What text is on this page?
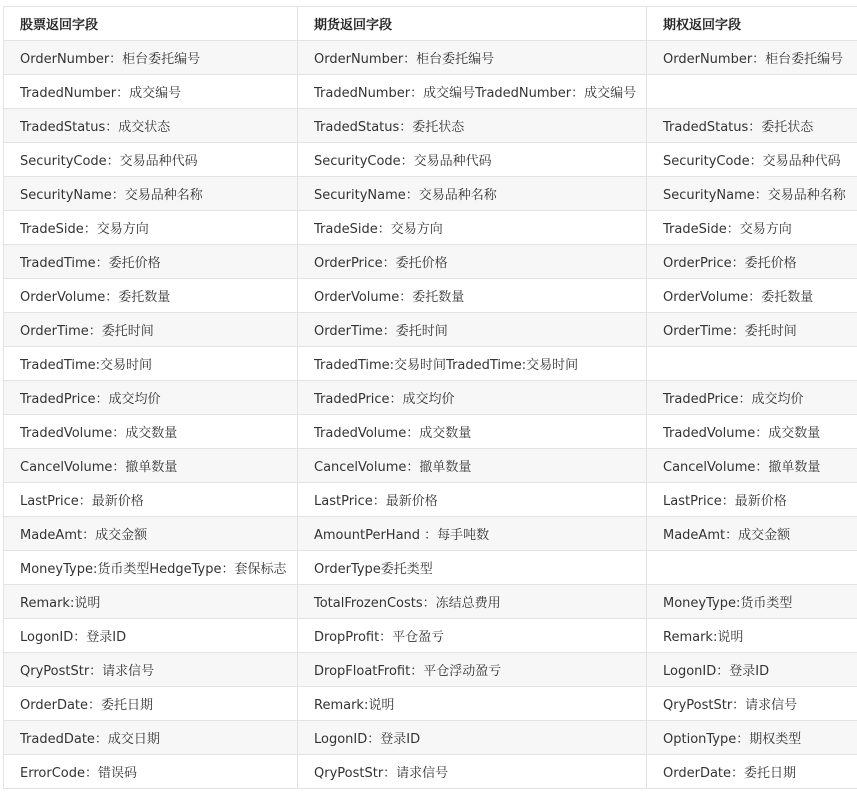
股票返回字段	期货返回字段	期权返回字段
OrderNumber：柜台委托编号	OrderNumber：柜台委托编号	OrderNumber：柜台委托编号
TradedNumber：成交编号	TradedNumber：成交编号TradedNumber：成交编号	
TradedStatus：成交状态	TradedStatus：委托状态	TradedStatus：委托状态
SecurityCode：交易品种代码	SecurityCode：交易品种代码	SecurityCode：交易品种代码
SecurityName：交易品种名称	SecurityName：交易品种名称	SecurityName：交易品种名称
TradeSide：交易方向	TradeSide：交易方向	TradeSide：交易方向
TradedTime：委托价格	OrderPrice：委托价格	OrderPrice：委托价格
OrderVolume：委托数量	OrderVolume：委托数量	OrderVolume：委托数量
OrderTime：委托时间	OrderTime：委托时间	OrderTime：委托时间
TradedTime:交易时间	TradedTime:交易时间TradedTime:交易时间	
TradedPrice：成交均价	TradedPrice：成交均价	TradedPrice：成交均价
TradedVolume：成交数量	TradedVolume：成交数量	TradedVolume：成交数量
CancelVolume：撤单数量	CancelVolume：撤单数量	CancelVolume：撤单数量
LastPrice：最新价格	LastPrice：最新价格	LastPrice：最新价格
MadeAmt：成交金额	AmountPerHand ：每手吨数	MadeAmt：成交金额
MoneyType:货币类型HedgeType：套保标志	OrderType委托类型	
Remark:说明	TotalFrozenCosts：冻结总费用	MoneyType:货币类型
LogonID：登录ID	DropProfit：平仓盈亏	Remark:说明
QryPostStr：请求信号	DropFloatFrofit：平仓浮动盈亏	LogonID：登录ID
OrderDate：委托日期	Remark:说明	QryPostStr：请求信号
TradedDate：成交日期	LogonID：登录ID	OptionType：期权类型
ErrorCode：错误码	QryPostStr：请求信号	OrderDate：委托日期
